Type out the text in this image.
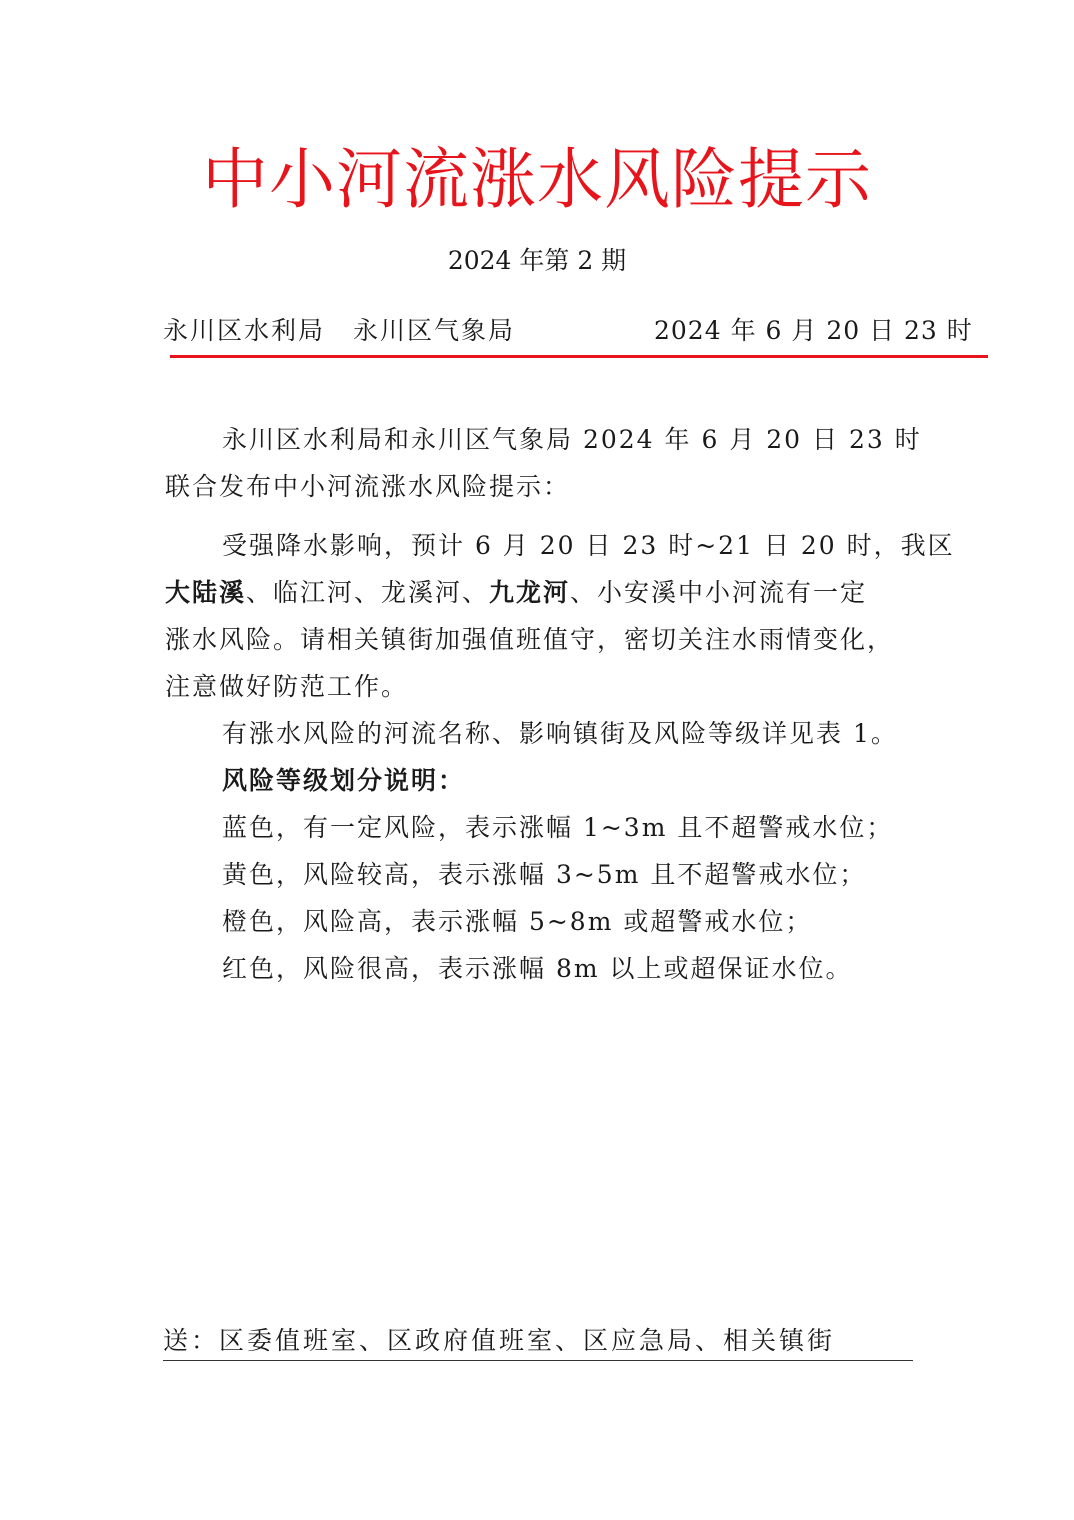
中小河流涨水风险提示
2024 年第 2 期
永川区水利局 永川区气象局	2024 年 6 月 20 日 23 时
永川区水利局和永川区气象局 2024 年 6 月 20 日 23 时
联合发布中小河流涨水风险提示：
受强降水影响，预计 6 月 20 日 23 时~21 日 20 时，我区
大陆溪、临江河、龙溪河、九龙河、小安溪中小河流有一定
涨水风险。请相关镇街加强值班值守，密切关注水雨情变化，
注意做好防范工作。
有涨水风险的河流名称、影响镇街及风险等级详见表 1。
风险等级划分说明：
蓝色，有一定风险，表示涨幅 1~3m 且不超警戒水位；
黄色，风险较高，表示涨幅 3~5m 且不超警戒水位；
橙色，风险高，表示涨幅 5~8m 或超警戒水位；
红色，风险很高，表示涨幅 8m 以上或超保证水位。
送：区委值班室、区政府值班室、区应急局、相关镇街
